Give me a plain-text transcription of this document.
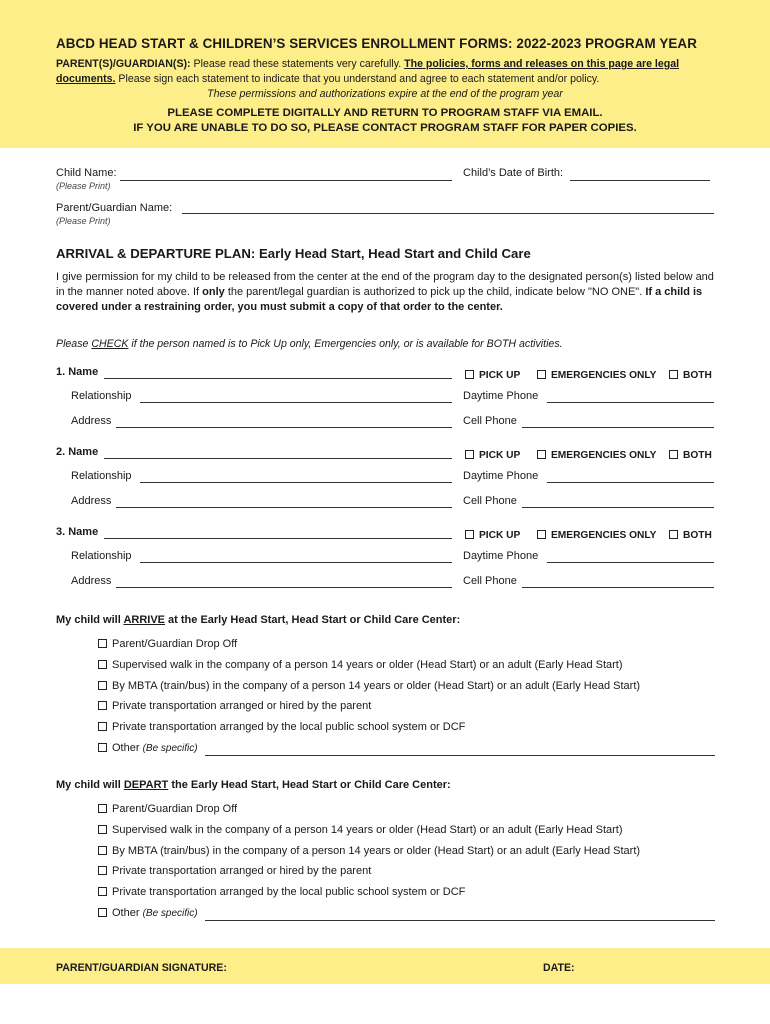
ABCD HEAD START & CHILDREN’S SERVICES ENROLLMENT FORMS: 2022-2023 PROGRAM YEAR
PARENT(S)/GUARDIAN(S): Please read these statements very carefully. The policies, forms and releases on this page are legal documents. Please sign each statement to indicate that you understand and agree to each statement and/or policy.
These permissions and authorizations expire at the end of the program year
PLEASE COMPLETE DIGITALLY AND RETURN TO PROGRAM STAFF VIA EMAIL.
IF YOU ARE UNABLE TO DO SO, PLEASE CONTACT PROGRAM STAFF FOR PAPER COPIES.
Child Name:
(Please Print)
Child’s Date of Birth:
Parent/Guardian Name:
(Please Print)
ARRIVAL & DEPARTURE PLAN: Early Head Start, Head Start and Child Care
I give permission for my child to be released from the center at the end of the program day to the designated person(s) listed below and in the manner noted above. If only the parent/legal guardian is authorized to pick up the child, indicate below "NO ONE". If a child is covered under a restraining order, you must submit a copy of that order to the center.
Please CHECK if the person named is to Pick Up only, Emergencies only, or is available for BOTH activities.
1. Name	PICK UP	EMERGENCIES ONLY	BOTH
Relationship	Daytime Phone
Address	Cell Phone
2. Name	PICK UP	EMERGENCIES ONLY	BOTH
Relationship	Daytime Phone
Address	Cell Phone
3. Name	PICK UP	EMERGENCIES ONLY	BOTH
Relationship	Daytime Phone
Address	Cell Phone
My child will ARRIVE at the Early Head Start, Head Start or Child Care Center:
Parent/Guardian Drop Off
Supervised walk in the company of a person 14 years or older (Head Start) or an adult (Early Head Start)
By MBTA (train/bus) in the company of a person 14 years or older (Head Start) or an adult (Early Head Start)
Private transportation arranged or hired by the parent
Private transportation arranged by the local public school system or DCF
Other (Be specific)
My child will DEPART the Early Head Start, Head Start or Child Care Center:
Parent/Guardian Drop Off
Supervised walk in the company of a person 14 years or older (Head Start) or an adult (Early Head Start)
By MBTA (train/bus) in the company of a person 14 years or older (Head Start) or an adult (Early Head Start)
Private transportation arranged or hired by the parent
Private transportation arranged by the local public school system or DCF
Other (Be specific)
PARENT/GUARDIAN SIGNATURE:	DATE:
